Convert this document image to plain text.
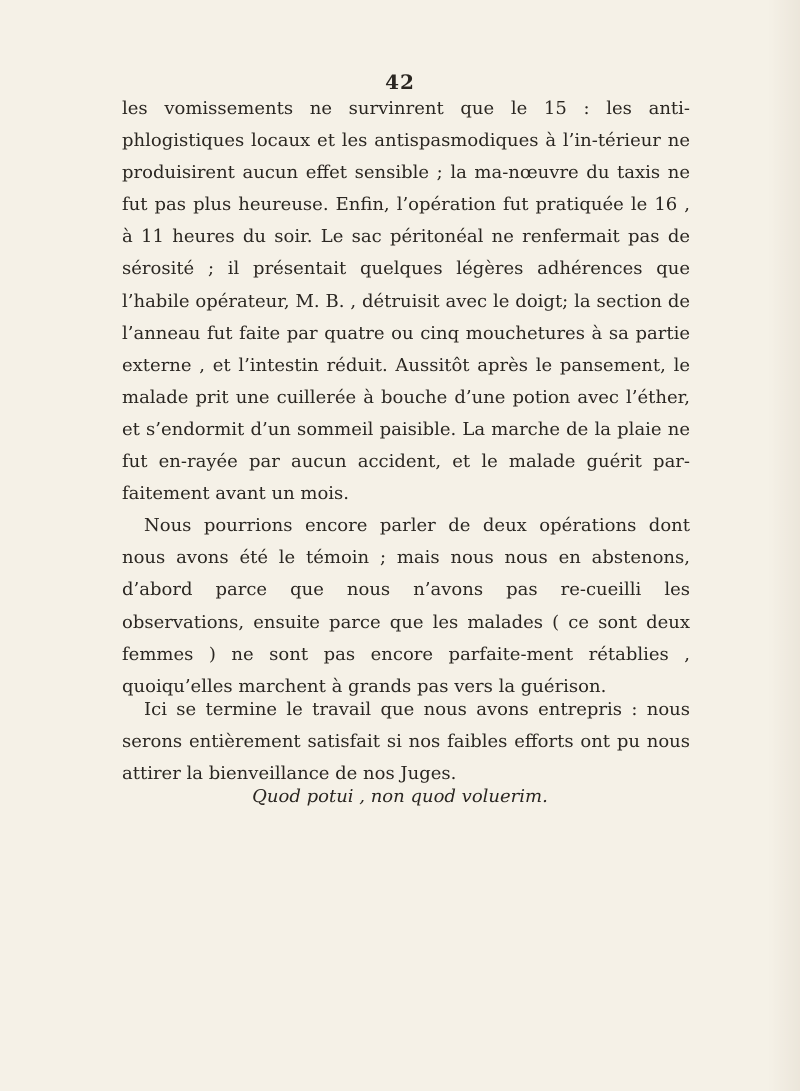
42

les vomissements ne survinrent que le 15 : les anti-phlogistiques locaux et les antispasmodiques à l’in-térieur ne produisirent aucun effet sensible ; la ma-nœuvre du taxis ne fut pas plus heureuse. Enfin, l’opération fut pratiquée le 16 , à 11 heures du soir. Le sac péritonéal ne renfermait pas de sérosité ; il présentait quelques légères adhérences que l’habile opérateur, M. B. , détruisit avec le doigt; la section de l’anneau fut faite par quatre ou cinq mouchetures à sa partie externe , et l’intestin réduit. Aussitôt après le pansement, le malade prit une cuillerée à bouche d’une potion avec l’éther, et s’endormit d’un sommeil paisible. La marche de la plaie ne fut en-rayée par aucun accident, et le malade guérit par-faitement avant un mois.

Nous pourrions encore parler de deux opérations dont nous avons été le témoin ; mais nous nous en abstenons, d’abord parce que nous n’avons pas re-cueilli les observations, ensuite parce que les malades ( ce sont deux femmes ) ne sont pas encore parfaite-ment rétablies , quoiqu’elles marchent à grands pas vers la guérison.

Ici se termine le travail que nous avons entrepris : nous serons entièrement satisfait si nos faibles efforts ont pu nous attirer la bienveillance de nos Juges.

Quod potui , non quod voluerim.
